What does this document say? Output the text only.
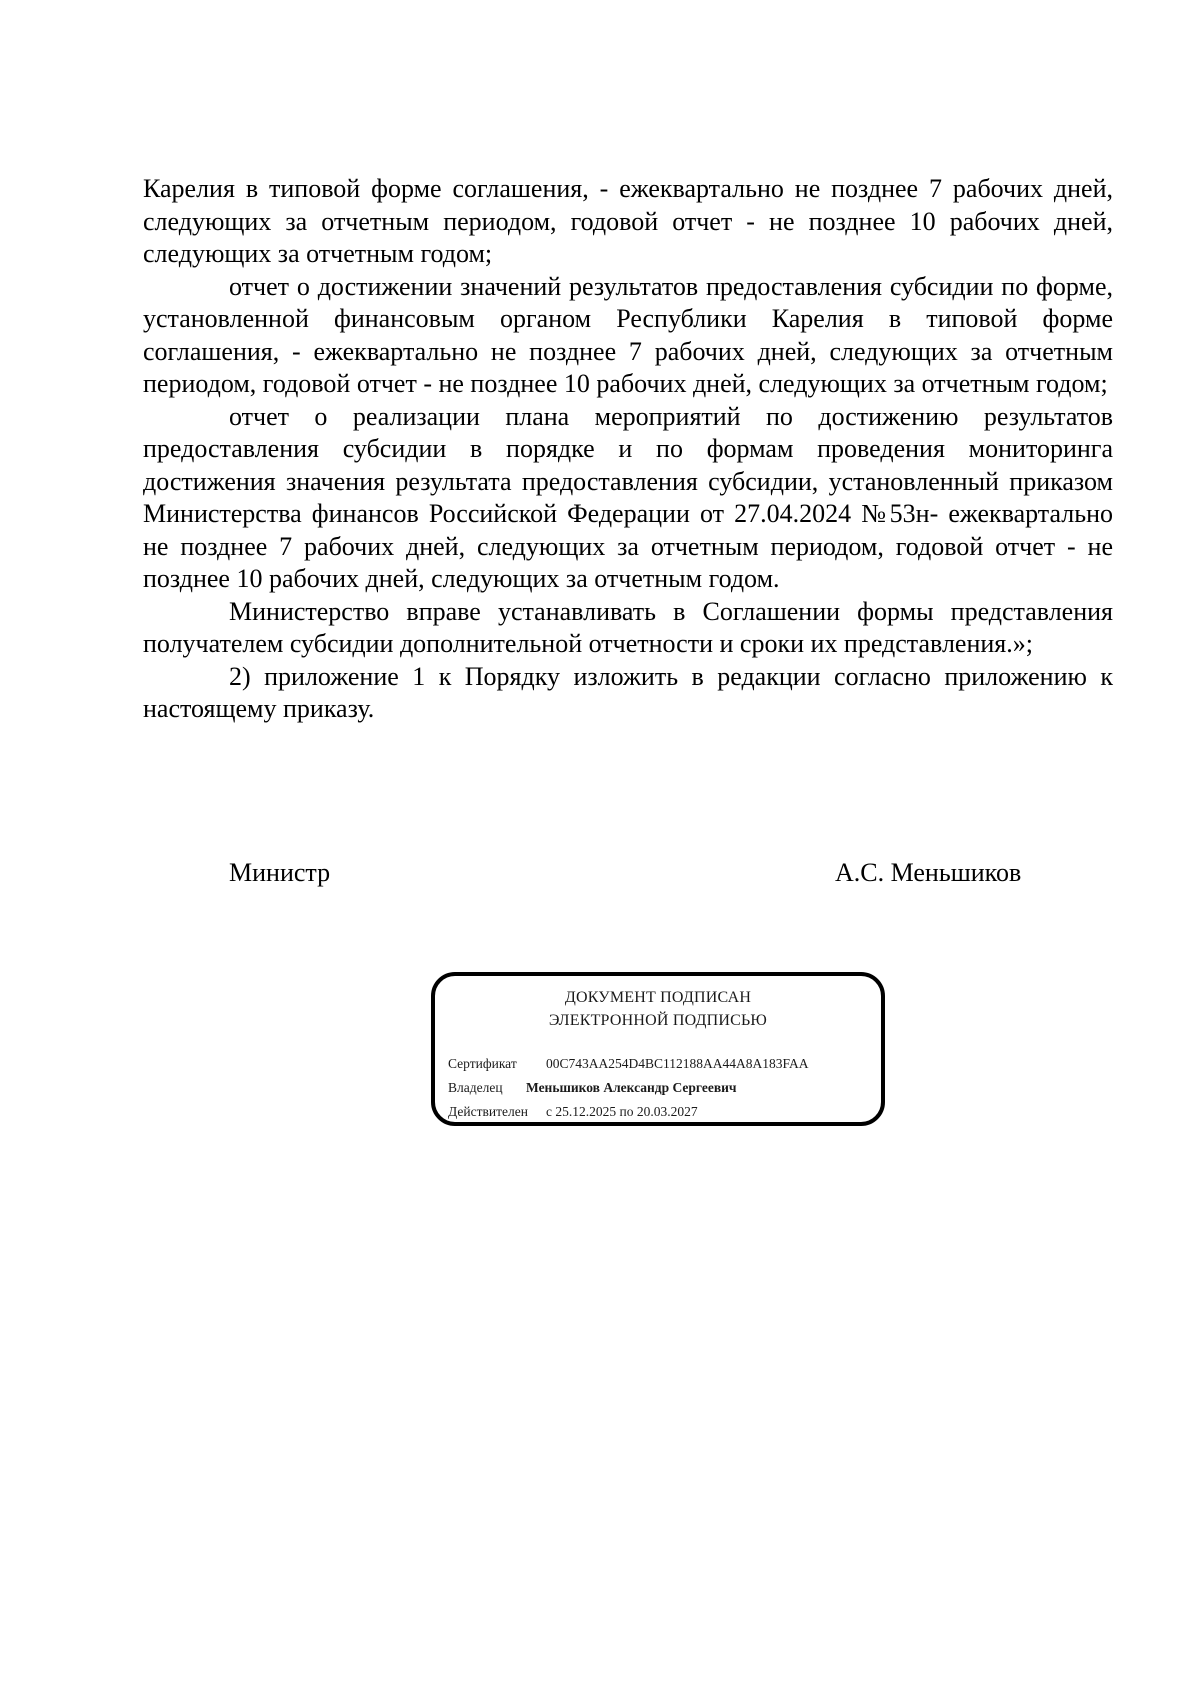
Карелия в типовой форме соглашения, - ежеквартально не позднее 7 рабочих дней, следующих за отчетным периодом, годовой отчет - не позднее 10 рабочих дней, следующих за отчетным годом;

отчет о достижении значений результатов предоставления субсидии по форме, установленной финансовым органом Республики Карелия в типовой форме соглашения, - ежеквартально не позднее 7 рабочих дней, следующих за отчетным периодом, годовой отчет - не позднее 10 рабочих дней, следующих за отчетным годом;

отчет о реализации плана мероприятий по достижению результатов предоставления субсидии в порядке и по формам проведения мониторинга достижения значения результата предоставления субсидии, установленный приказом Министерства финансов Российской Федерации от 27.04.2024 №53н- ежеквартально не позднее 7 рабочих дней, следующих за отчетным периодом, годовой отчет - не позднее 10 рабочих дней, следующих за отчетным годом.

Министерство вправе устанавливать в Соглашении формы представления получателем субсидии дополнительной отчетности и сроки их представления.»;

2) приложение 1 к Порядку изложить в редакции согласно приложению к настоящему приказу.

Министр	А.С. Меньшиков
ДОКУМЕНТ ПОДПИСАН
ЭЛЕКТРОННОЙ ПОДПИСЬЮ
Сертификат 00C743AA254D4BC112188AA44A8A183FAA
Владелец Меньшиков Александр Сергеевич
Действителен с 25.12.2025 по 20.03.2027
